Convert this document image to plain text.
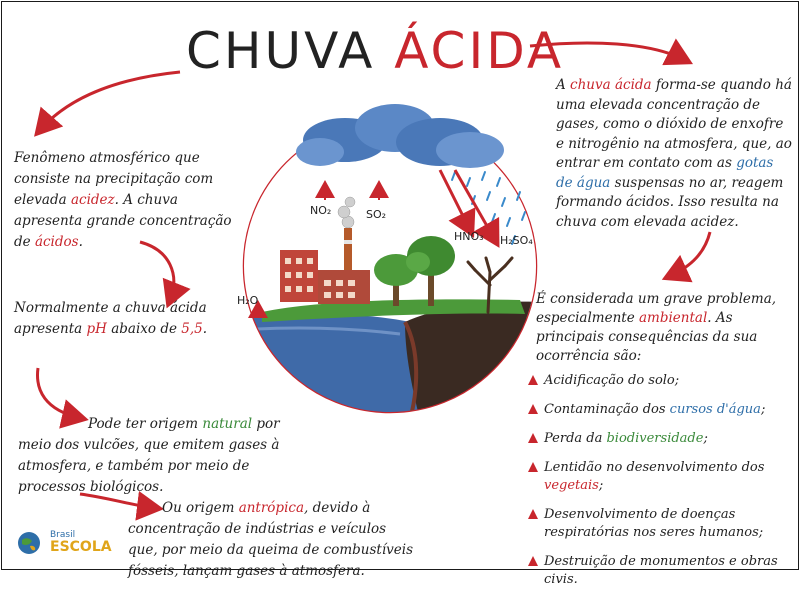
NO₂	SO₂
HNO₃ H₂SO₄
H₂O
CHUVA ÁCIDA
Fenômeno atmosférico que consiste na precipitação com elevada acidez. A chuva apresenta grande concentração de ácidos.
Normalmente a chuva ácida apresenta pH abaixo de 5,5.
Pode ter origem natural por meio dos vulcões, que emitem gases à atmosfera, e também por meio de processos biológicos.
Ou origem antrópica, devido à concentração de indústrias e veículos que, por meio da queima de combustíveis fósseis, lançam gases à atmosfera.
A chuva ácida forma-se quando há uma elevada concentração de gases, como o dióxido de enxofre e nitrogênio na atmosfera, que, ao entrar em contato com as gotas de água suspensas no ar, reagem formando ácidos. Isso resulta na chuva com elevada acidez.
É considerada um grave problema, especialmente ambiental. As principais consequências da sua ocorrência são:
Acidificação do solo;
Contaminação dos cursos d'água;
Perda da biodiversidade;
Lentidão no desenvolvimento dos vegetais;
Desenvolvimento de doenças respiratórias nos seres humanos;
Destruição de monumentos e obras civis.
Brasil
ESCOLA
